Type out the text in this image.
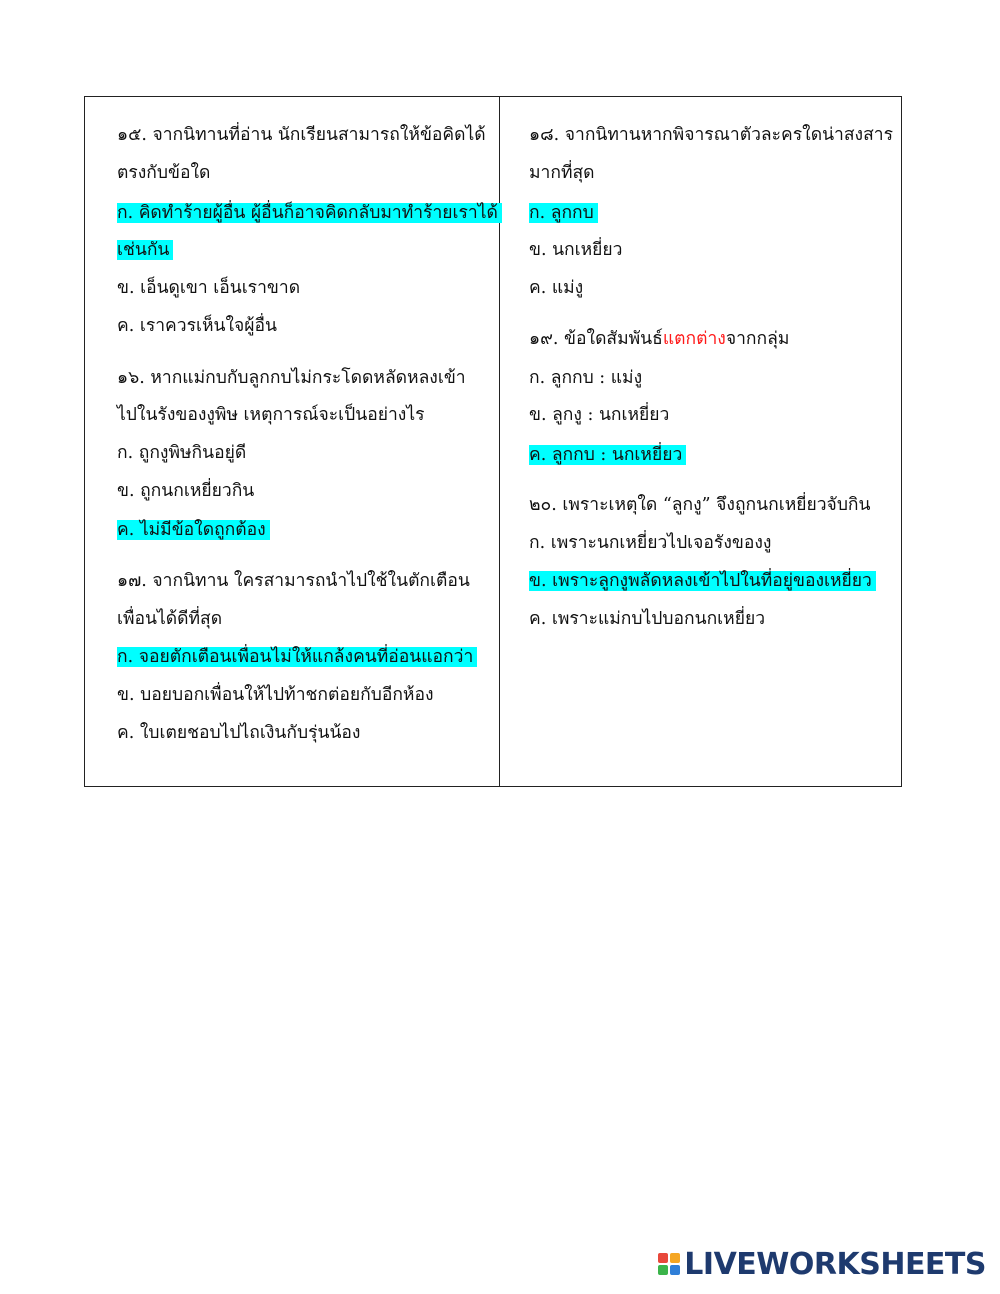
๑๕. จากนิทานที่อ่าน นักเรียนสามารถให้ข้อคิดได้
ตรงกับข้อใด
ก. คิดทำร้ายผู้อื่น ผู้อื่นก็อาจคิดกลับมาทำร้ายเราได้
เช่นกัน
ข. เอ็นดูเขา เอ็นเราขาด
ค. เราควรเห็นใจผู้อื่น
๑๖. หากแม่กบกับลูกกบไม่กระโดดหลัดหลงเข้า
ไปในรังของงูพิษ เหตุการณ์จะเป็นอย่างไร
ก. ถูกงูพิษกินอยู่ดี
ข. ถูกนกเหยี่ยวกิน
ค. ไม่มีข้อใดถูกต้อง
๑๗. จากนิทาน ใครสามารถนำไปใช้ในตักเตือน
เพื่อนได้ดีที่สุด
ก. จอยตักเตือนเพื่อนไม่ให้แกล้งคนที่อ่อนแอกว่า
ข. บอยบอกเพื่อนให้ไปท้าชกต่อยกับอีกห้อง
ค. ใบเตยชอบไปไถเงินกับรุ่นน้อง
๑๘. จากนิทานหากพิจารณาตัวละครใดน่าสงสาร
มากที่สุด
ก. ลูกกบ
ข. นกเหยี่ยว
ค. แม่งู
๑๙. ข้อใดสัมพันธ์แตกต่างจากกลุ่ม
ก. ลูกกบ : แม่งู
ข. ลูกงู : นกเหยี่ยว
ค. ลูกกบ : นกเหยี่ยว
๒๐. เพราะเหตุใด “ลูกงู” จึงถูกนกเหยี่ยวจับกิน
ก. เพราะนกเหยี่ยวไปเจอรังของงู
ข. เพราะลูกงูพลัดหลงเข้าไปในที่อยู่ของเหยี่ยว
ค. เพราะแม่กบไปบอกนกเหยี่ยว
LIVEWORKSHEETS
